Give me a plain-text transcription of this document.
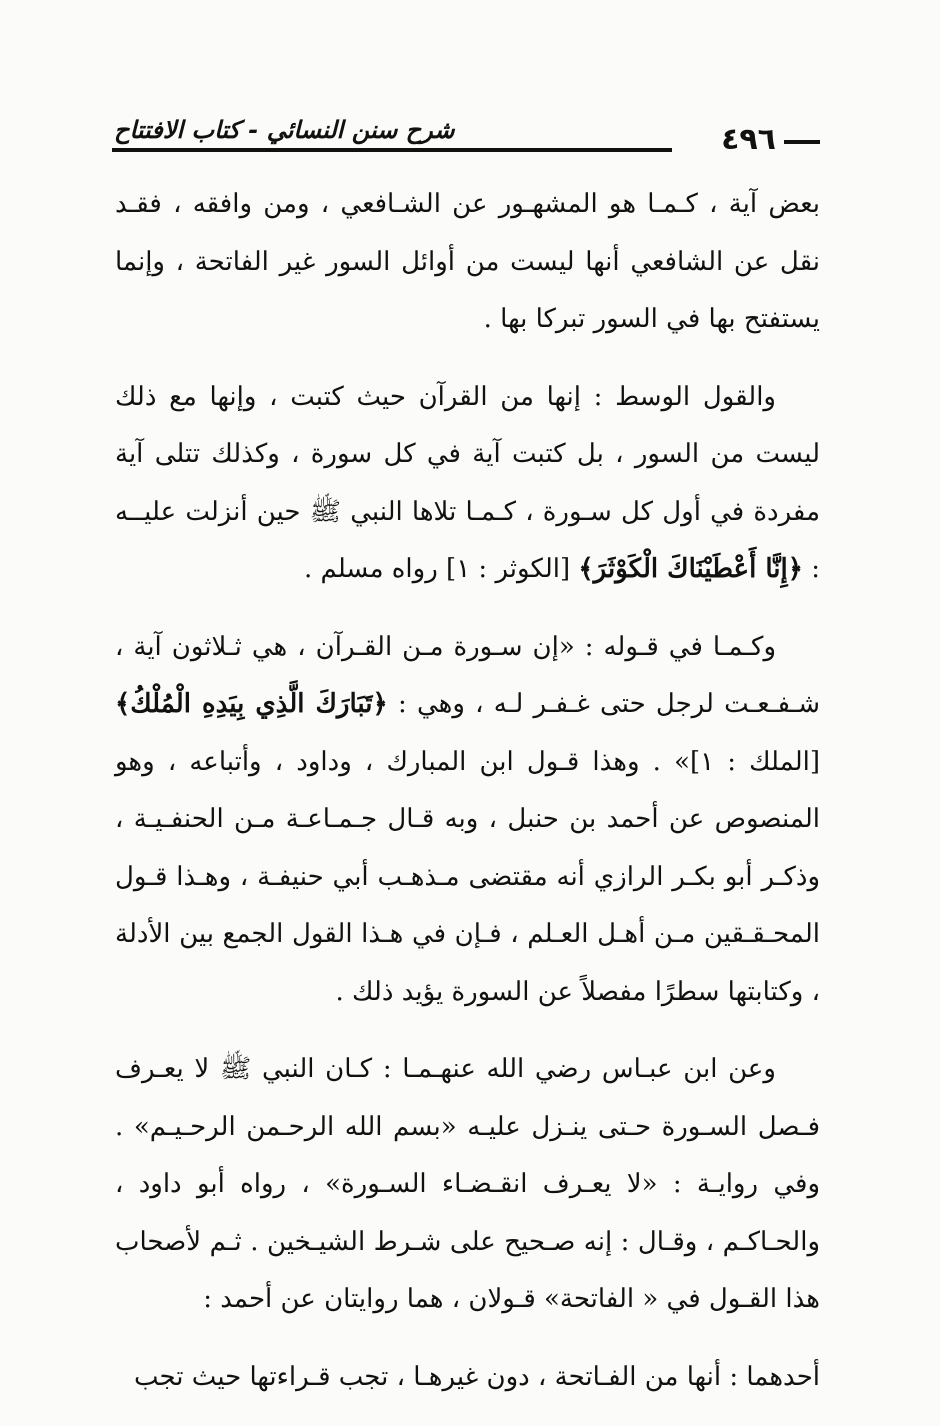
شرح سنن النسائي - كتاب الافتتاح	٤٩٦

بعض آية ، كـمـا هو المشهـور عن الشـافعي ، ومن وافقه ، فقـد نقل عن الشافعي أنها ليست من أوائل السور غير الفاتحة ، وإنما يستفتح بها في السور تبركا بها .

والقول الوسط : إنها من القرآن حيث كتبت ، وإنها مع ذلك ليست من السور ، بل كتبت آية في كل سورة ، وكذلك تتلى آية مفردة في أول كل سـورة ، كـمـا تلاها النبي ﷺ حين أنزلت عليــه : ﴿إِنَّا أَعْطَيْنَاكَ الْكَوْثَرَ﴾ [الكوثر : ١] رواه مسلم .

وكـمـا في قـوله : «إن سـورة مـن القـرآن ، هي ثـلاثون آية ، شـفـعـت لرجل حتى غـفـر لـه ، وهي : ﴿تَبَارَكَ الَّذِي بِيَدِهِ الْمُلْكُ﴾ [الملك : ١]» . وهذا قـول ابن المبارك ، وداود ، وأتباعه ، وهو المنصوص عن أحمد بن حنبل ، وبه قـال جـمـاعـة مـن الحنفـيـة ، وذكـر أبو بكـر الرازي أنه مقتضى مـذهـب أبي حنيفـة ، وهـذا قـول المحـقـقين مـن أهـل العـلم ، فـإن في هـذا القول الجمع بين الأدلة ، وكتابتها سطرًا مفصلاً عن السورة يؤيد ذلك .

وعن ابن عبـاس رضي الله عنهـمـا : كـان النبي ﷺ لا يعـرف فـصل السـورة حـتى ينـزل عليـه «بسم الله الرحـمن الرحـيـم» . وفي روايـة : «لا يعـرف انقـضـاء السـورة» ، رواه أبو داود ، والحـاكـم ، وقـال : إنه صـحيح على شـرط الشيـخين . ثـم لأصحاب هذا القـول في « الفاتحة» قـولان ، هما روايتان عن أحمد :

أحدهما : أنها من الفـاتحة ، دون غيرهـا ، تجب قـراءتها حيث تجب
